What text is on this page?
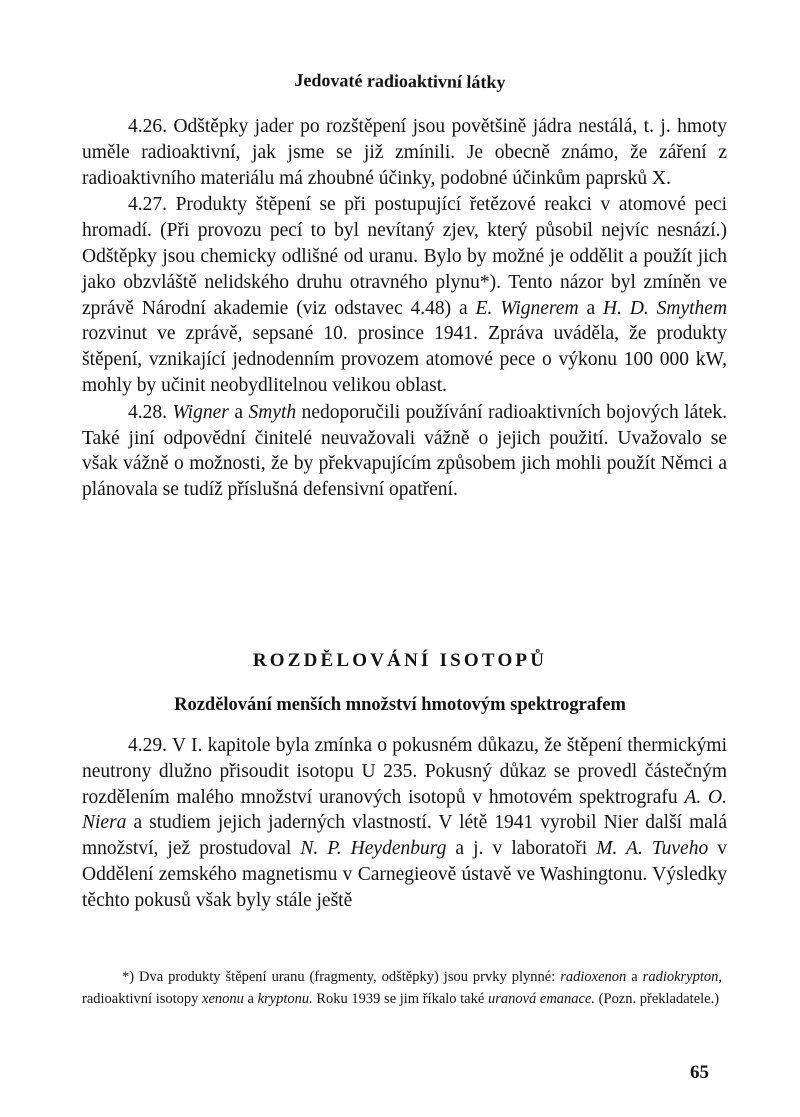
Jedovaté radioaktivní látky

4.26. Odštěpky jader po rozštěpení jsou povětšině jádra nestálá, t. j. hmoty uměle radioaktivní, jak jsme se již zmínili. Je obecně známo, že záření z radioaktivního materiálu má zhoubné účinky, podobné účinkům paprsků X.

4.27. Produkty štěpení se při postupující řetězové reakci v atomové peci hromadí. (Při provozu pecí to byl nevítaný zjev, který působil nejvíc nesnází.) Odštěpky jsou chemicky odlišné od uranu. Bylo by možné je oddělit a použít jich jako obzvláště nelidského druhu otravného plynu*). Tento názor byl zmíněn ve zprávě Národní akademie (viz odstavec 4.48) a E. Wignerem a H. D. Smythem rozvinut ve zprávě, sepsané 10. prosince 1941. Zpráva uváděla, že produkty štěpení, vznikající jednodenním provozem atomové pece o výkonu 100 000 kW, mohly by učinit neobydlitelnou velikou oblast.

4.28. Wigner a Smyth nedoporučili používání radioaktivních bojových látek. Také jiní odpovědní činitelé neuvažovali vážně o jejich použití. Uvažovalo se však vážně o možnosti, že by překvapujícím způsobem jich mohli použít Němci a plánovala se tudíž příslušná defensivní opatření.

ROZDĚLOVÁNÍ ISOTOPŮ
Rozdělování menších množství hmotovým spektrografem

4.29. V I. kapitole byla zmínka o pokusném důkazu, že štěpení thermickými neutrony dlužno přisoudit isotopu U 235. Pokusný důkaz se provedl částečným rozdělením malého množství uranových isotopů v hmotovém spektrografu A. O. Niera a studiem jejich jaderných vlastností. V létě 1941 vyrobil Nier další malá množství, jež prostudoval N. P. Heydenburg a j. v laboratoři M. A. Tuveho v Oddělení zemského magnetismu v Carnegieově ústavě ve Washingtonu. Výsledky těchto pokusů však byly stále ještě

*) Dva produkty štěpení uranu (fragmenty, odštěpky) jsou prvky plynné: radioxenon a radiokrypton, radioaktivní isotopy xenonu a kryptonu. Roku 1939 se jim říkalo také uranová emanace. (Pozn. překladatele.)

65
